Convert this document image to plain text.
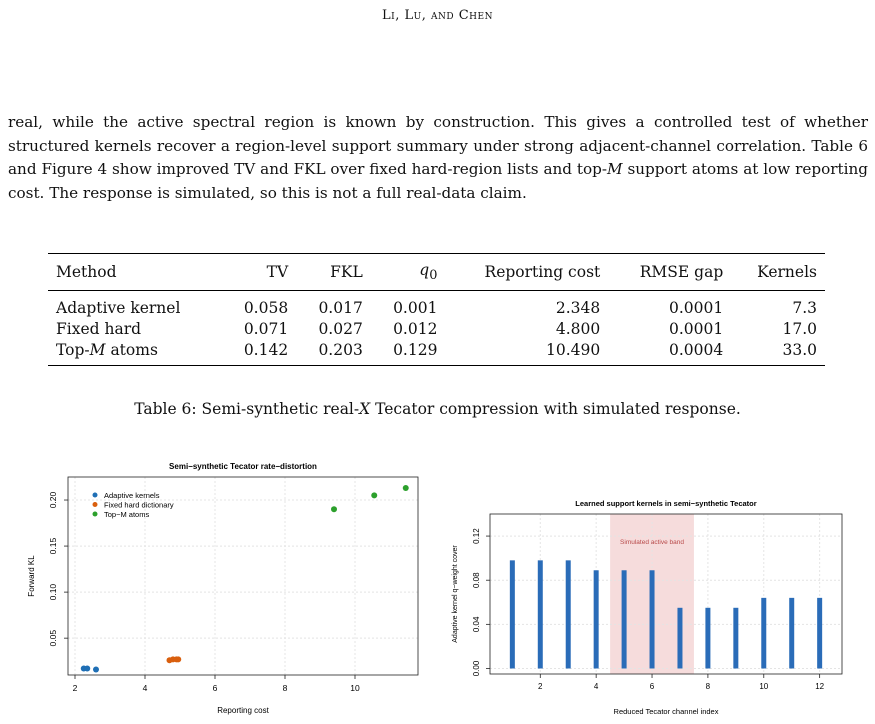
Li, Lu, and Chen
real, while the active spectral region is known by construction. This gives a controlled test of whether structured kernels recover a region-level support summary under strong adjacent-channel correlation. Table 6 and Figure 4 show improved TV and FKL over fixed hard-region lists and top-M support atoms at low reporting cost. The response is simulated, so this is not a full real-data claim.
Method	TV	FKL	$q_0$	Reporting cost	RMSE gap	Kernels
Adaptive kernel	0.058	0.017	0.001	2.348	0.0001	7.3
Fixed hard	0.071	0.027	0.012	4.800	0.0001	17.0
Top-M atoms	0.142	0.203	0.129	10.490	0.0004	33.0
Table 6: Semi-synthetic real-X Tecator compression with simulated response.
Semi−synthetic Tecator rate−distortion
2	4	6	8	10
0.05
0.10
0.15
0.20
Reporting cost
Forward KL
Adaptive kernels
Fixed hard dictionary
Top−M atoms
Learned support kernels in semi−synthetic Tecator
Simulated active band
2	4	6	8	10	12
0.00
0.04
0.08
0.12
Reduced Tecator channel index
Adaptive kernel q−weight cover
